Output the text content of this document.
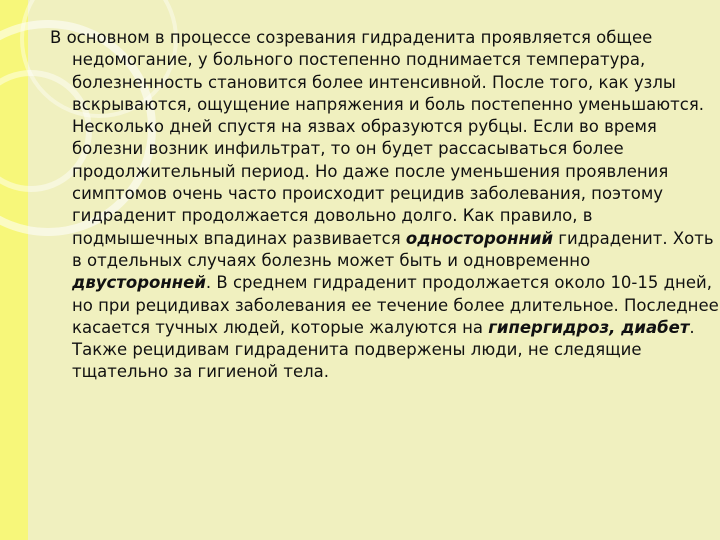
В основном в процессе созревания гидраденита проявляется общее недомогание, у больного постепенно поднимается температура, болезненность становится более интенсивной. После того, как узлы вскрываются, ощущение напряжения и боль постепенно уменьшаются. Несколько дней спустя на язвах образуются рубцы. Если во время болезни возник инфильтрат, то он будет рассасываться более продолжительный период. Но даже после уменьшения проявления симптомов очень часто происходит рецидив заболевания, поэтому гидраденит продолжается довольно долго. Как правило, в подмышечных впадинах развивается односторонний гидраденит. Хоть в отдельных случаях болезнь может быть и одновременно двусторонней. В среднем гидраденит продолжается около 10-15 дней, но при рецидивах заболевания ее течение более длительное. Последнее касается тучных людей, которые жалуются на гипергидроз, диабет. Также рецидивам гидраденита подвержены люди, не следящие тщательно за гигиеной тела.
